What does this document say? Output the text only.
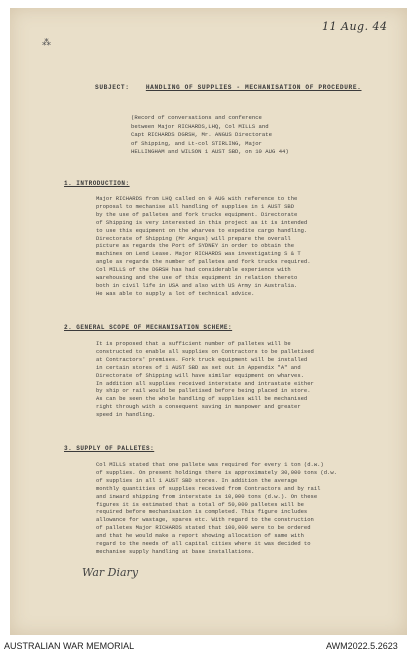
11 Aug. 44
⁂
SUBJECT:	HANDLING OF SUPPLIES - MECHANISATION OF PROCEDURE.
(Record of conversations and conference
between Major RICHARDS,LHQ, Col MILLS and
Capt RICHARDS DGRSH, Mr. ANGUS Directorate
of Shipping, and Lt-col STIRLING, Major
HELLINGHAM and WILSON 1 AUST SBD, on 10 AUG 44)
1. INTRODUCTION:
Major RICHARDS from LHQ called on 9 AUG with reference to the
proposal to mechanise all handling of supplies in 1 AUST SBD
by the use of palletes and fork trucks equipment. Directorate
of Shipping is very interested in this project as it is intended
to use this equipment on the wharves to expedite cargo handling.
Directorate of Shipping (Mr Angus) will prepare the overall
picture as regards the Port of SYDNEY in order to obtain the
machines on Lend Lease. Major RICHARDS was investigating S & T
angle as regards the number of palletes and fork trucks required.
Col MILLS of the DGRSH has had considerable experience with
warehousing and the use of this equipment in relation thereto
both in civil life in USA and also with US Army in Australia.
He was able to supply a lot of technical advice.
2. GENERAL SCOPE OF MECHANISATION SCHEME:
It is proposed that a sufficient number of palletes will be
constructed to enable all supplies on Contractors to be palletised
at Contractors' premises. Fork truck equipment will be installed
in certain stores of 1 AUST SBD as set out in Appendix "A" and
Directorate of Shipping will have similar equipment on wharves.
In addition all supplies received interstate and intrastate either
by ship or rail would be palletised before being placed in store.
As can be seen the whole handling of supplies will be mechanised
right through with a consequent saving in manpower and greater
speed in handling.
3. SUPPLY OF PALLETES:
Col MILLS stated that one pallete was required for every 1 ton (d.w.)
of supplies. On present holdings there is approximately 30,000 tons (d.w.
of supplies in all 1 AUST SBD stores. In addition the average
monthly quantities of supplies received from Contractors and by rail
and inward shipping from interstate is 10,000 tons (d.w.). On these
figures it is estimated that a total of 50,000 palletes will be
required before mechanisation is completed. This figure includes
allowance for wastage, spares etc. With regard to the construction
of palletes Major RICHARDS stated that 100,000 were to be ordered
and that he would make a report showing allocation of same with
regard to the needs of all capital cities where it was decided to
mechanise supply handling at base installations.
War Diary
AUSTRALIAN WAR MEMORIAL	AWM2022.5.2623
